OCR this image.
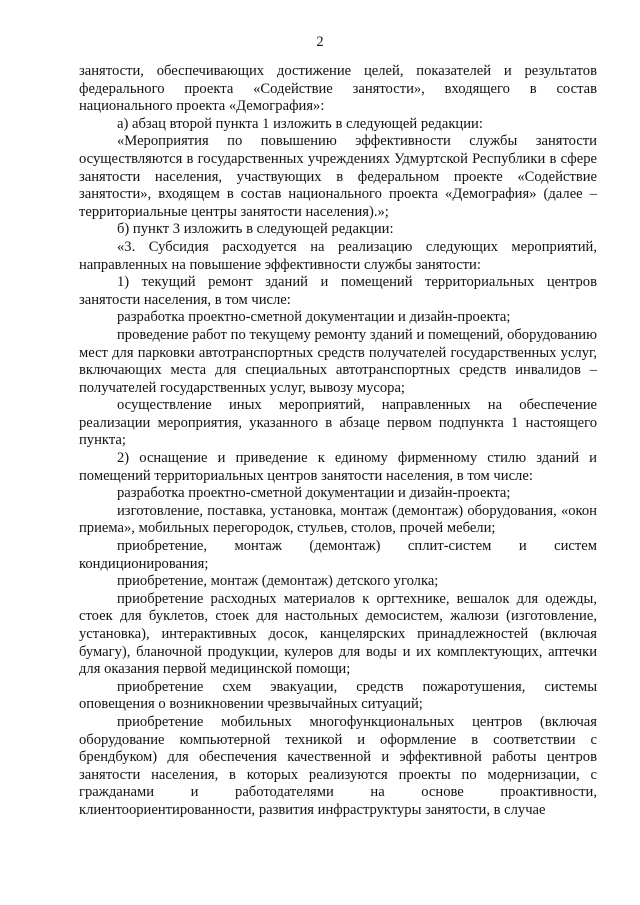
2

занятости, обеспечивающих достижение целей, показателей и результатов федерального проекта «Содействие занятости», входящего в состав национального проекта «Демография»:

а) абзац второй пункта 1 изложить в следующей редакции:

«Мероприятия по повышению эффективности службы занятости осуществляются в государственных учреждениях Удмуртской Республики в сфере занятости населения, участвующих в федеральном проекте «Содействие занятости», входящем в состав национального проекта «Демография» (далее – территориальные центры занятости населения).»;

б) пункт 3 изложить в следующей редакции:

«3. Субсидия расходуется на реализацию следующих мероприятий, направленных на повышение эффективности службы занятости:

1) текущий ремонт зданий и помещений территориальных центров занятости населения, в том числе:

разработка проектно-сметной документации и дизайн-проекта;

проведение работ по текущему ремонту зданий и помещений, оборудованию мест для парковки автотранспортных средств получателей государственных услуг, включающих места для специальных автотранспортных средств инвалидов – получателей государственных услуг, вывозу мусора;

осуществление иных мероприятий, направленных на обеспечение реализации мероприятия, указанного в абзаце первом подпункта 1 настоящего пункта;

2) оснащение и приведение к единому фирменному стилю зданий и помещений территориальных центров занятости населения, в том числе:

разработка проектно-сметной документации и дизайн-проекта;

изготовление, поставка, установка, монтаж (демонтаж) оборудования, «окон приема», мобильных перегородок, стульев, столов, прочей мебели;

приобретение, монтаж (демонтаж) сплит-систем и систем кондиционирования;

приобретение, монтаж (демонтаж) детского уголка;

приобретение расходных материалов к оргтехнике, вешалок для одежды, стоек для буклетов, стоек для настольных демосистем, жалюзи (изготовление, установка), интерактивных досок, канцелярских принадлежностей (включая бумагу), бланочной продукции, кулеров для воды и их комплектующих, аптечки для оказания первой медицинской помощи;

приобретение схем эвакуации, средств пожаротушения, системы оповещения о возникновении чрезвычайных ситуаций;

приобретение мобильных многофункциональных центров (включая оборудование компьютерной техникой и оформление в соответствии с брендбуком) для обеспечения качественной и эффективной работы центров занятости населения, в которых реализуются проекты по модернизации, с гражданами и работодателями на основе проактивности, клиентоориентированности, развития инфраструктуры занятости, в случае
